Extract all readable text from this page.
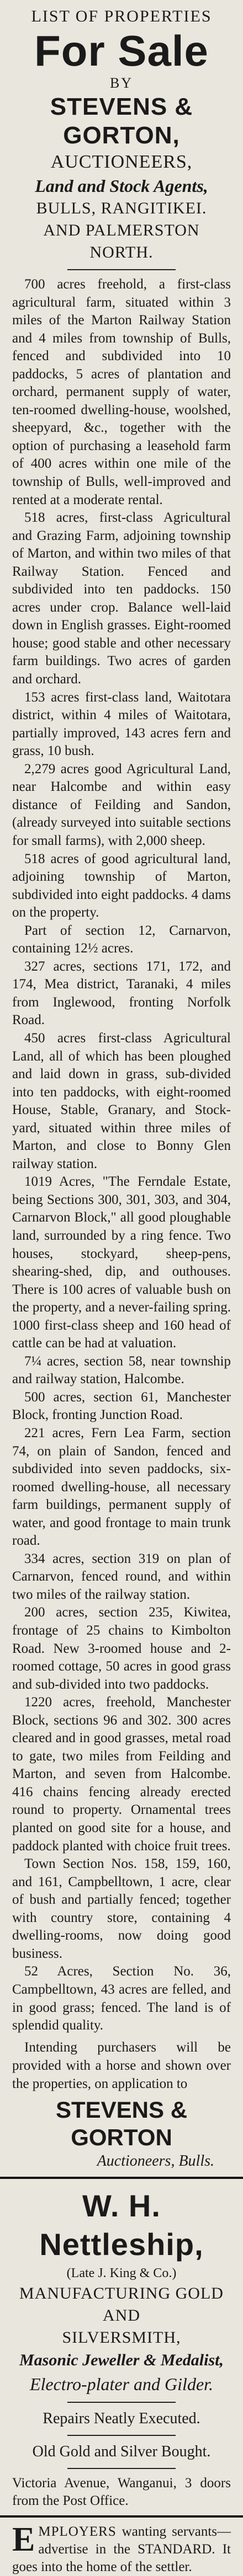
LIST OF PROPERTIES
For Sale
BY
STEVENS & GORTON,
AUCTIONEERS,
Land and Stock Agents,
BULLS, RANGITIKEI.
AND PALMERSTON NORTH.

700 acres freehold, a first-class agricultural farm, situated within 3 miles of the Marton Railway Station and 4 miles from township of Bulls, fenced and subdivided into 10 paddocks, 5 acres of plantation and orchard, permanent supply of water, ten-roomed dwelling-house, woolshed, sheepyard, &c., together with the option of purchasing a leasehold farm of 400 acres within one mile of the township of Bulls, well-improved and rented at a moderate rental.

518 acres, first-class Agricultural and Grazing Farm, adjoining township of Marton, and within two miles of that Railway Station. Fenced and subdivided into ten paddocks. 150 acres under crop. Balance well-laid down in English grasses. Eight-roomed house; good stable and other necessary farm buildings. Two acres of garden and orchard.

153 acres first-class land, Waitotara district, within 4 miles of Waitotara, partially improved, 143 acres fern and grass, 10 bush.

2,279 acres good Agricultural Land, near Halcombe and within easy distance of Feilding and Sandon, (already surveyed into suitable sections for small farms), with 2,000 sheep.

518 acres of good agricultural land, adjoining township of Marton, subdivided into eight paddocks. 4 dams on the property.

Part of section 12, Carnarvon, containing 12½ acres.

327 acres, sections 171, 172, and 174, Mea district, Taranaki, 4 miles from Inglewood, fronting Norfolk Road.

450 acres first-class Agricultural Land, all of which has been ploughed and laid down in grass, sub-divided into ten paddocks, with eight-roomed House, Stable, Granary, and Stock-yard, situated within three miles of Marton, and close to Bonny Glen railway station.

1019 Acres, "The Ferndale Estate, being Sections 300, 301, 303, and 304, Carnarvon Block," all good ploughable land, surrounded by a ring fence. Two houses, stockyard, sheep-pens, shearing-shed, dip, and outhouses. There is 100 acres of valuable bush on the property, and a never-failing spring. 1000 first-class sheep and 160 head of cattle can be had at valuation.

7¼ acres, section 58, near township and railway station, Halcombe.

500 acres, section 61, Manchester Block, fronting Junction Road.

221 acres, Fern Lea Farm, section 74, on plain of Sandon, fenced and subdivided into seven paddocks, six-roomed dwelling-house, all necessary farm buildings, permanent supply of water, and good frontage to main trunk road.

334 acres, section 319 on plan of Carnarvon, fenced round, and within two miles of the railway station.

200 acres, section 235, Kiwitea, frontage of 25 chains to Kimbolton Road. New 3-roomed house and 2-roomed cottage, 50 acres in good grass and sub-divided into two paddocks.

1220 acres, freehold, Manchester Block, sections 96 and 302. 300 acres cleared and in good grasses, metal road to gate, two miles from Feilding and Marton, and seven from Halcombe. 416 chains fencing already erected round to property. Ornamental trees planted on good site for a house, and paddock planted with choice fruit trees.

Town Section Nos. 158, 159, 160, and 161, Campbelltown, 1 acre, clear of bush and partially fenced; together with country store, containing 4 dwelling-rooms, now doing good business.

52 Acres, Section No. 36, Campbelltown, 43 acres are felled, and in good grass; fenced. The land is of splendid quality.

Intending purchasers will be provided with a horse and shown over the properties, on application to

STEVENS & GORTON
Auctioneers, Bulls.
W. H. Nettleship,
(Late J. King & Co.)
MANUFACTURING GOLD AND
SILVERSMITH,
Masonic Jeweller & Medalist,
Electro-plater and Gilder.
Repairs Neatly Executed.
Old Gold and Silver Bought.
Victoria Avenue, Wanganui, 3 doors from the Post Office.
E MPLOYERS wanting servants—advertise in the STANDARD. It goes into the home of the settler.
